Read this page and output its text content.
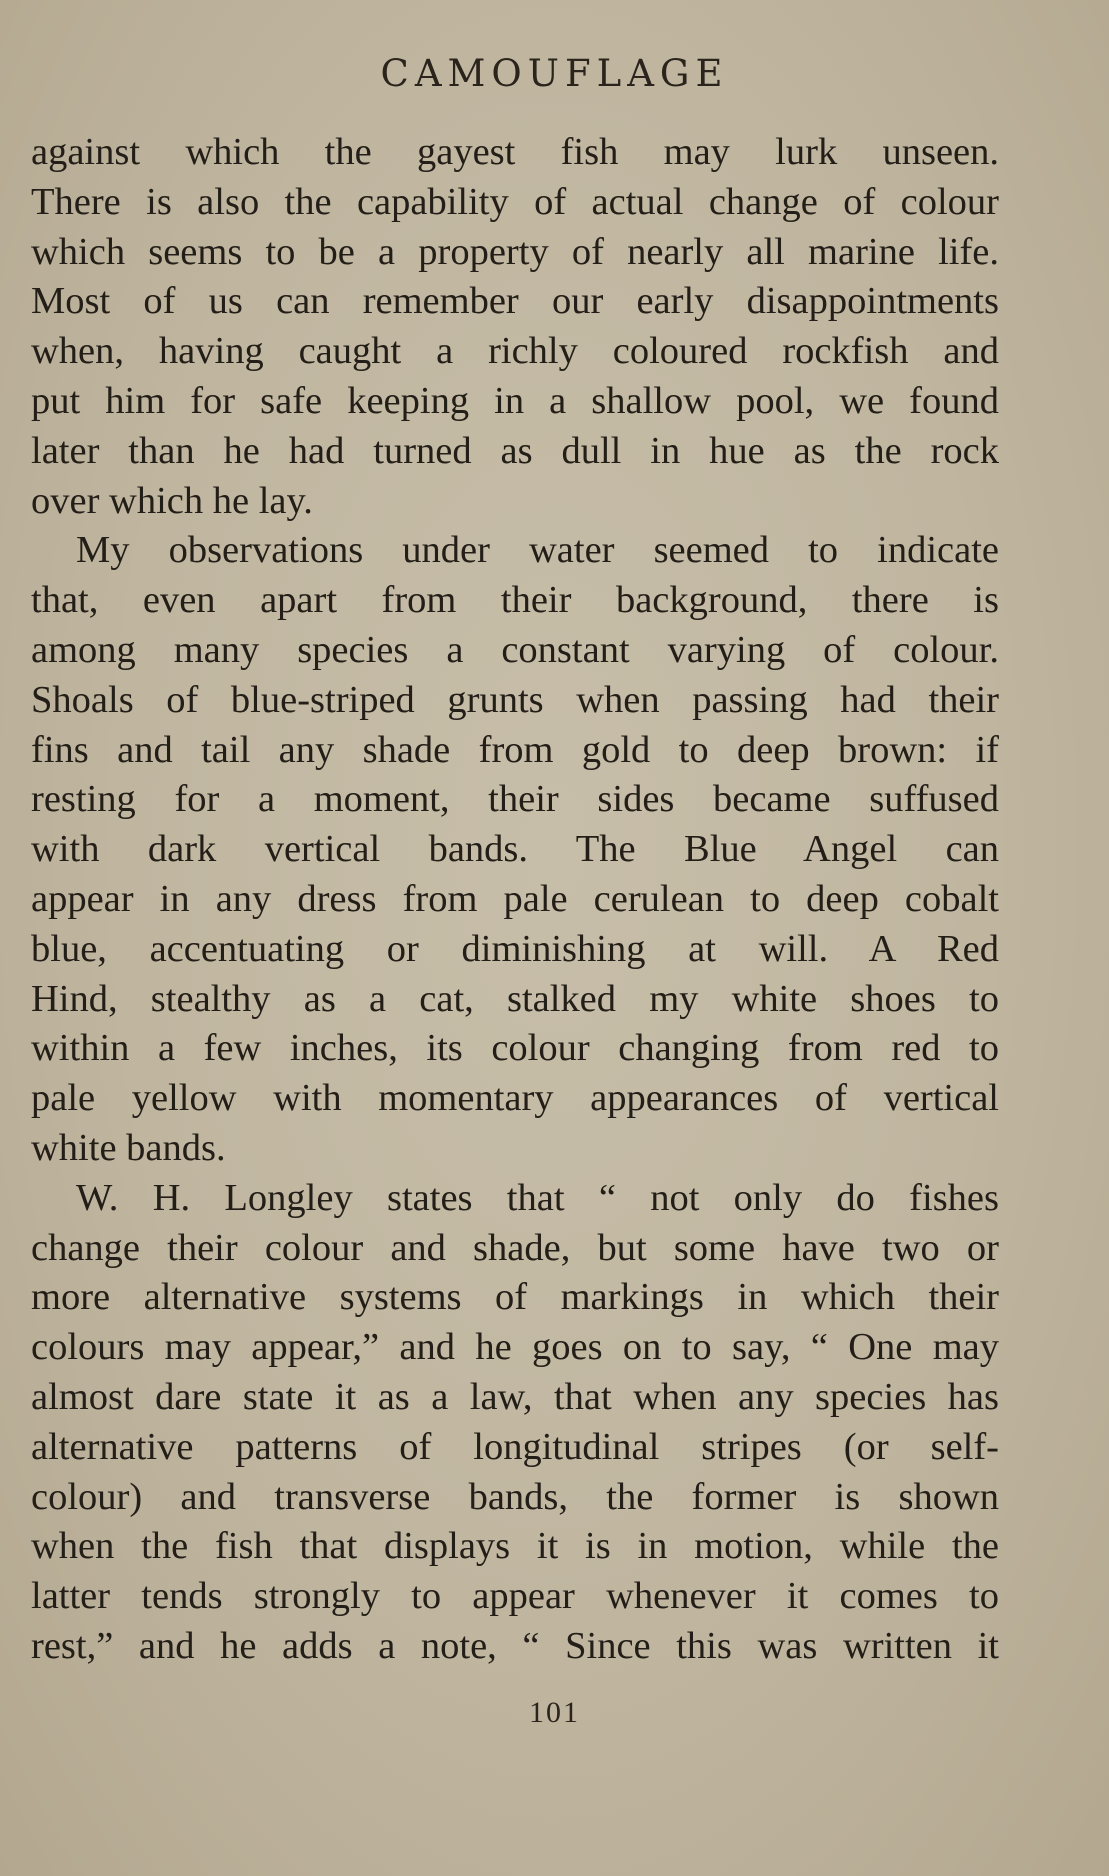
CAMOUFLAGE
against which the gayest fish may lurk unseen.
There is also the capability of actual change of colour
which seems to be a property of nearly all marine life.
Most of us can remember our early disappointments
when, having caught a richly coloured rockfish and
put him for safe keeping in a shallow pool, we found
later than he had turned as dull in hue as the rock
over which he lay.
My observations under water seemed to indicate
that, even apart from their background, there is
among many species a constant varying of colour.
Shoals of blue-striped grunts when passing had their
fins and tail any shade from gold to deep brown: if
resting for a moment, their sides became suffused
with dark vertical bands. The Blue Angel can
appear in any dress from pale cerulean to deep cobalt
blue, accentuating or diminishing at will. A Red
Hind, stealthy as a cat, stalked my white shoes to
within a few inches, its colour changing from red to
pale yellow with momentary appearances of vertical
white bands.
W. H. Longley states that “ not only do fishes
change their colour and shade, but some have two or
more alternative systems of markings in which their
colours may appear,” and he goes on to say, “ One may
almost dare state it as a law, that when any species has
alternative patterns of longitudinal stripes (or self-
colour) and transverse bands, the former is shown
when the fish that displays it is in motion, while the
latter tends strongly to appear whenever it comes to
rest,” and he adds a note, “ Since this was written it
101
